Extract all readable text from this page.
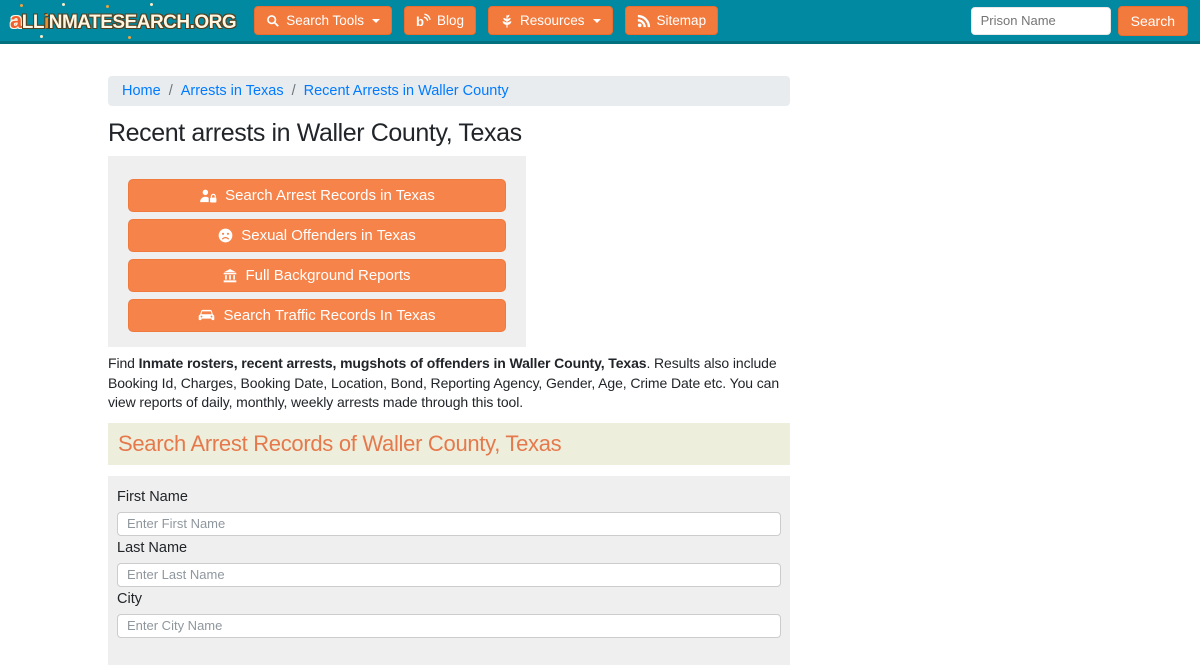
aLLiNMATESEARCH.ORG	Search Tools	b Blog	Resources	Sitemap
Prison Name	Search
Home / Arrests in Texas / Recent Arrests in Waller County
Recent arrests in Waller County, Texas
Search Arrest Records in Texas
Sexual Offenders in Texas
Full Background Reports
Search Traffic Records In Texas

Find Inmate rosters, recent arrests, mugshots of offenders in Waller County, Texas. Results also include Booking Id, Charges, Booking Date, Location, Bond, Reporting Agency, Gender, Age, Crime Date etc. You can view reports of daily, monthly, weekly arrests made through this tool.

Search Arrest Records of Waller County, Texas
First Name
Enter First Name
Last Name
Enter Last Name
City
Enter City Name
